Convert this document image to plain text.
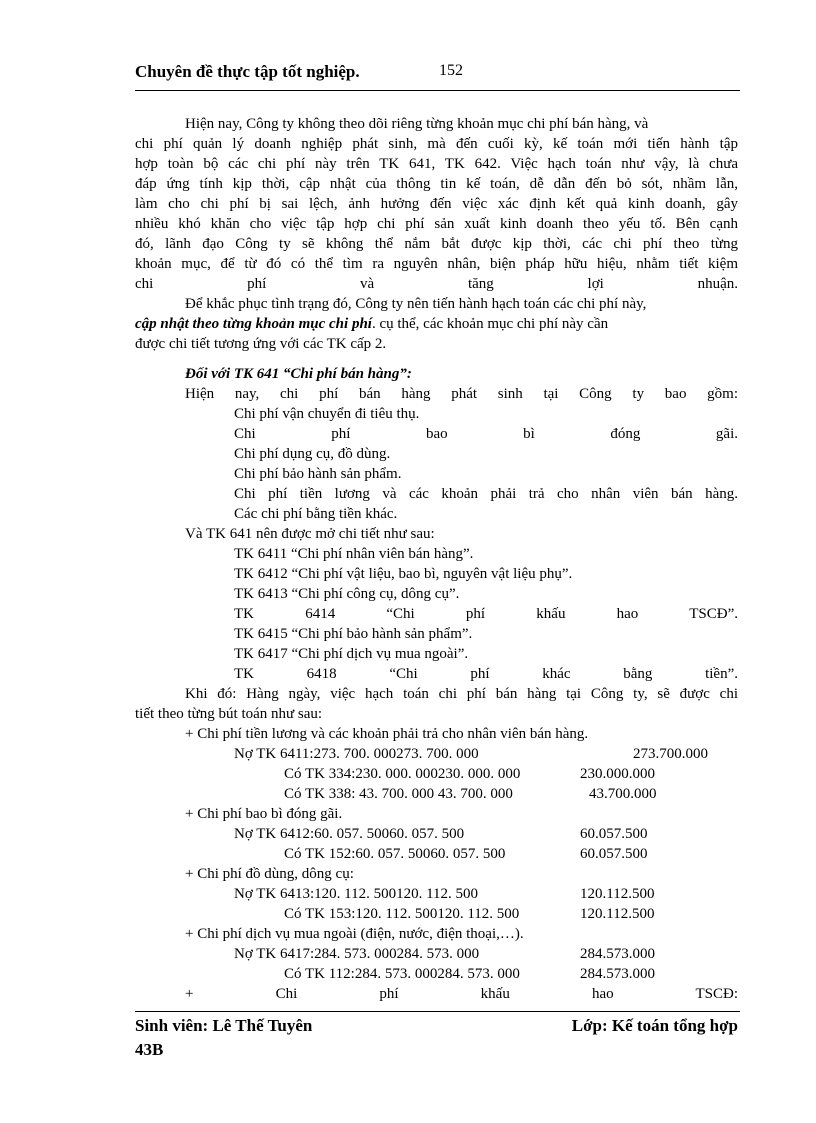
Chuyên đề thực tập tốt nghiệp.	152

Hiện nay, Công ty không theo dõi riêng từng khoản mục chi phí bán hàng, và
chi phí quản lý doanh nghiệp phát sinh, mà đến cuối kỳ, kế toán mới tiến hành tập
hợp toàn bộ các chi phí này trên TK 641, TK 642. Việc hạch toán như vậy, là chưa
đáp ứng tính kịp thời, cập nhật của thông tin kế toán, dễ dẫn đến bỏ sót, nhầm lẫn,
làm cho chi phí bị sai lệch, ảnh hưởng đến việc xác định kết quả kinh doanh, gây
nhiều khó khăn cho việc tập hợp chi phí sản xuất kinh doanh theo yếu tố. Bên cạnh
đó, lãnh đạo Công ty sẽ không thể nắm bắt được kịp thời, các chi phí theo từng
khoản mục, để từ đó có thể tìm ra nguyên nhân, biện pháp hữu hiệu, nhằm tiết kiệm
chi phí và tăng lợi nhuận.

Để khắc phục tình trạng đó, Công ty nên tiến hành hạch toán các chi phí này,
cập nhật theo từng khoản mục chi phí. cụ thể, các khoản mục chi phí này cần
được chi tiết tương ứng với các TK cấp 2.

Đối với TK 641 “Chi phí bán hàng”:

Hiện nay, chi phí bán hàng phát sinh tại Công ty bao gồm:
Chi phí vận chuyển đi tiêu thụ.
Chi phí bao bì đóng gãi.
Chi phí dụng cụ, đồ dùng.
Chi phí bảo hành sản phẩm.
Chi phí tiền lương và các khoản phải trả cho nhân viên bán hàng.
Các chi phí bằng tiền khác.
Và TK 641 nên được mở chi tiết như sau:
TK 6411 “Chi phí nhân viên bán hàng”.
TK 6412 “Chi phí vật liệu, bao bì, nguyên vật liệu phụ”.
TK 6413 “Chi phí công cụ, dông cụ”.
TK 6414 “Chi phí khấu hao TSCĐ”.
TK 6415 “Chi phí bảo hành sản phẩm”.
TK 6417 “Chi phí dịch vụ mua ngoài”.
TK 6418 “Chi phí khác bằng tiền”.
Khi đó: Hàng ngày, việc hạch toán chi phí bán hàng tại Công ty, sẽ được chi
tiết theo từng bút toán như sau:
+ Chi phí tiền lương và các khoản phải trả cho nhân viên bán hàng.
Nợ TK 6411:273. 700. 000273. 700. 000	273.700.000
Có TK 334:230. 000. 000230. 000. 000	230.000.000
Có TK 338: 43. 700. 000 43. 700. 000	43.700.000
+ Chi phí bao bì đóng gãi.
Nợ TK 6412:60. 057. 50060. 057. 500	60.057.500
Có TK 152:60. 057. 50060. 057. 500	60.057.500
+ Chi phí đồ dùng, dông cụ:
Nợ TK 6413:120. 112. 500120. 112. 500	120.112.500
Có TK 153:120. 112. 500120. 112. 500	120.112.500
+ Chi phí dịch vụ mua ngoài (điện, nước, điện thoại,…).
Nợ TK 6417:284. 573. 000284. 573. 000	284.573.000
Có TK 112:284. 573. 000284. 573. 000	284.573.000
+ Chi phí khấu hao TSCĐ:
Sinh viên: Lê Thế Tuyên	Lớp: Kế toán tổng hợp
43B
